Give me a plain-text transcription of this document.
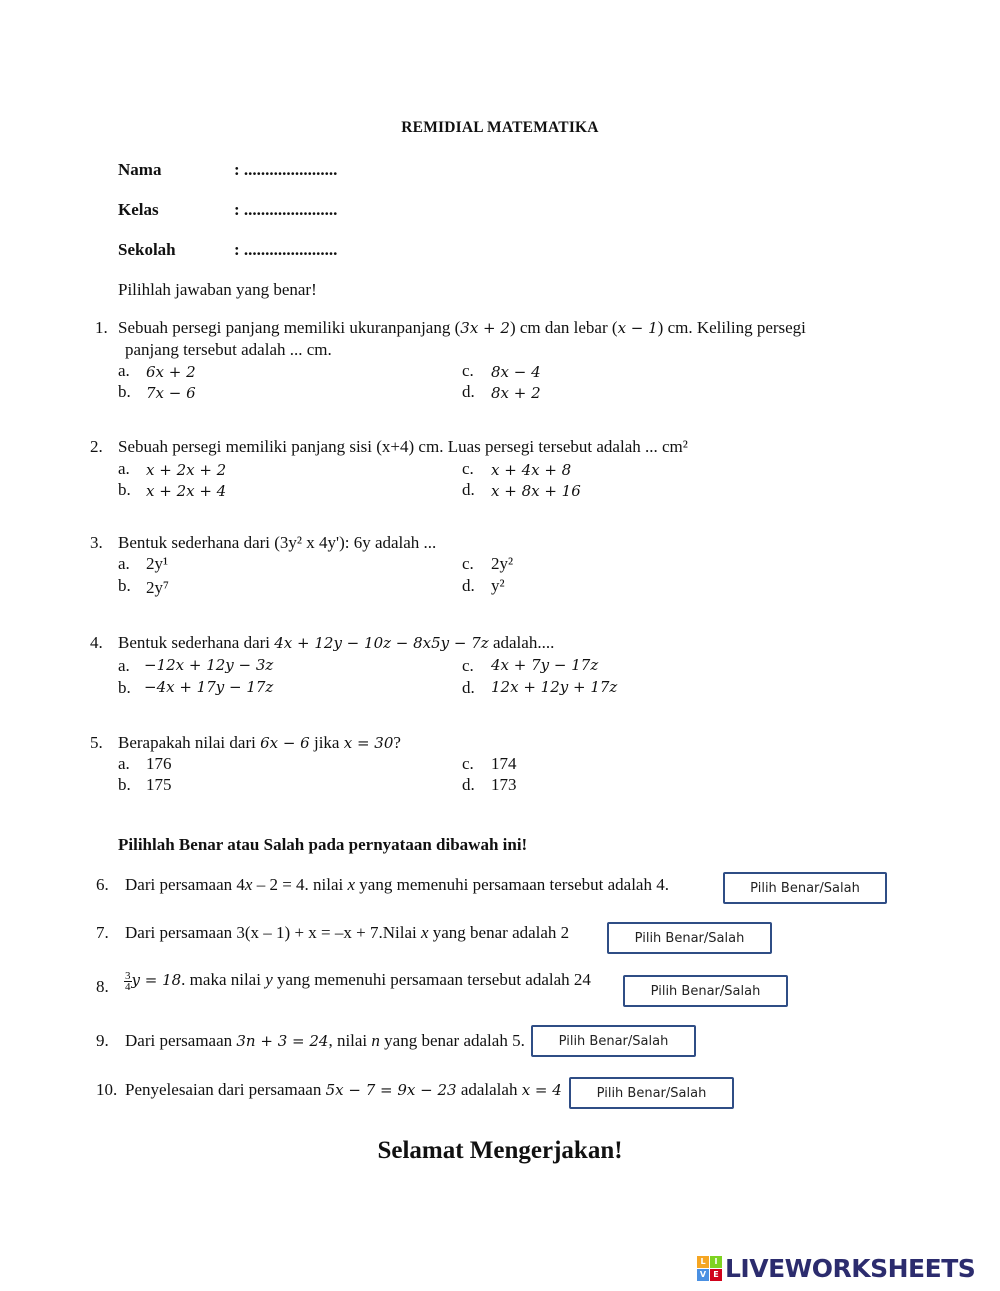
REMIDIAL MATEMATIKA
Nama	: ......................
Kelas	: ......................
Sekolah	: ......................
Pilihlah jawaban yang benar!
1. Sebuah persegi panjang memiliki ukuranpanjang (3x + 2) cm dan lebar (x − 1) cm. Keliling persegi
panjang tersebut adalah ... cm.
a. 6x + 2
b. 7x − 6
c. 8x − 4
d. 8x + 2
2. Sebuah persegi memiliki panjang sisi (x+4) cm. Luas persegi tersebut adalah ... cm²
a. x + 2x + 2
b. x + 2x + 4
c. x + 4x + 8
d. x + 8x + 16
3. Bentuk sederhana dari (3y² x 4y'): 6y adalah ...
a. 2y¹
b. 2y⁷
c. 2y²
d. y²
4. Bentuk sederhana dari 4x + 12y − 10z − 8x5y − 7z adalah....
a. −12x + 12y − 3z
b. −4x + 17y − 17z
c. 4x + 7y − 17z
d. 12x + 12y + 17z
5. Berapakah nilai dari 6x − 6 jika x = 30?
a. 176
b. 175
c. 174
d. 173
Pilihlah Benar atau Salah pada pernyataan dibawah ini!
6. Dari persamaan 4x – 2 = 4. nilai x yang memenuhi persamaan tersebut adalah 4.	Pilih Benar/Salah
7. Dari persamaan 3(x – 1) + x = –x + 7.Nilai x yang benar adalah 2	Pilih Benar/Salah
8. $\frac{3}{4}$ y = 18. maka nilai y yang memenuhi persamaan tersebut adalah 24
Pilih Benar/Salah
9. Dari persamaan 3n + 3 = 24, nilai n yang benar adalah 5.	Pilih Benar/Salah
10. Penyelesaian dari persamaan 5x − 7 = 9x − 23 adalalah x = 4	Pilih Benar/Salah
Selamat Mengerjakan!
L	I
V E LIVEWORKSHEETS
